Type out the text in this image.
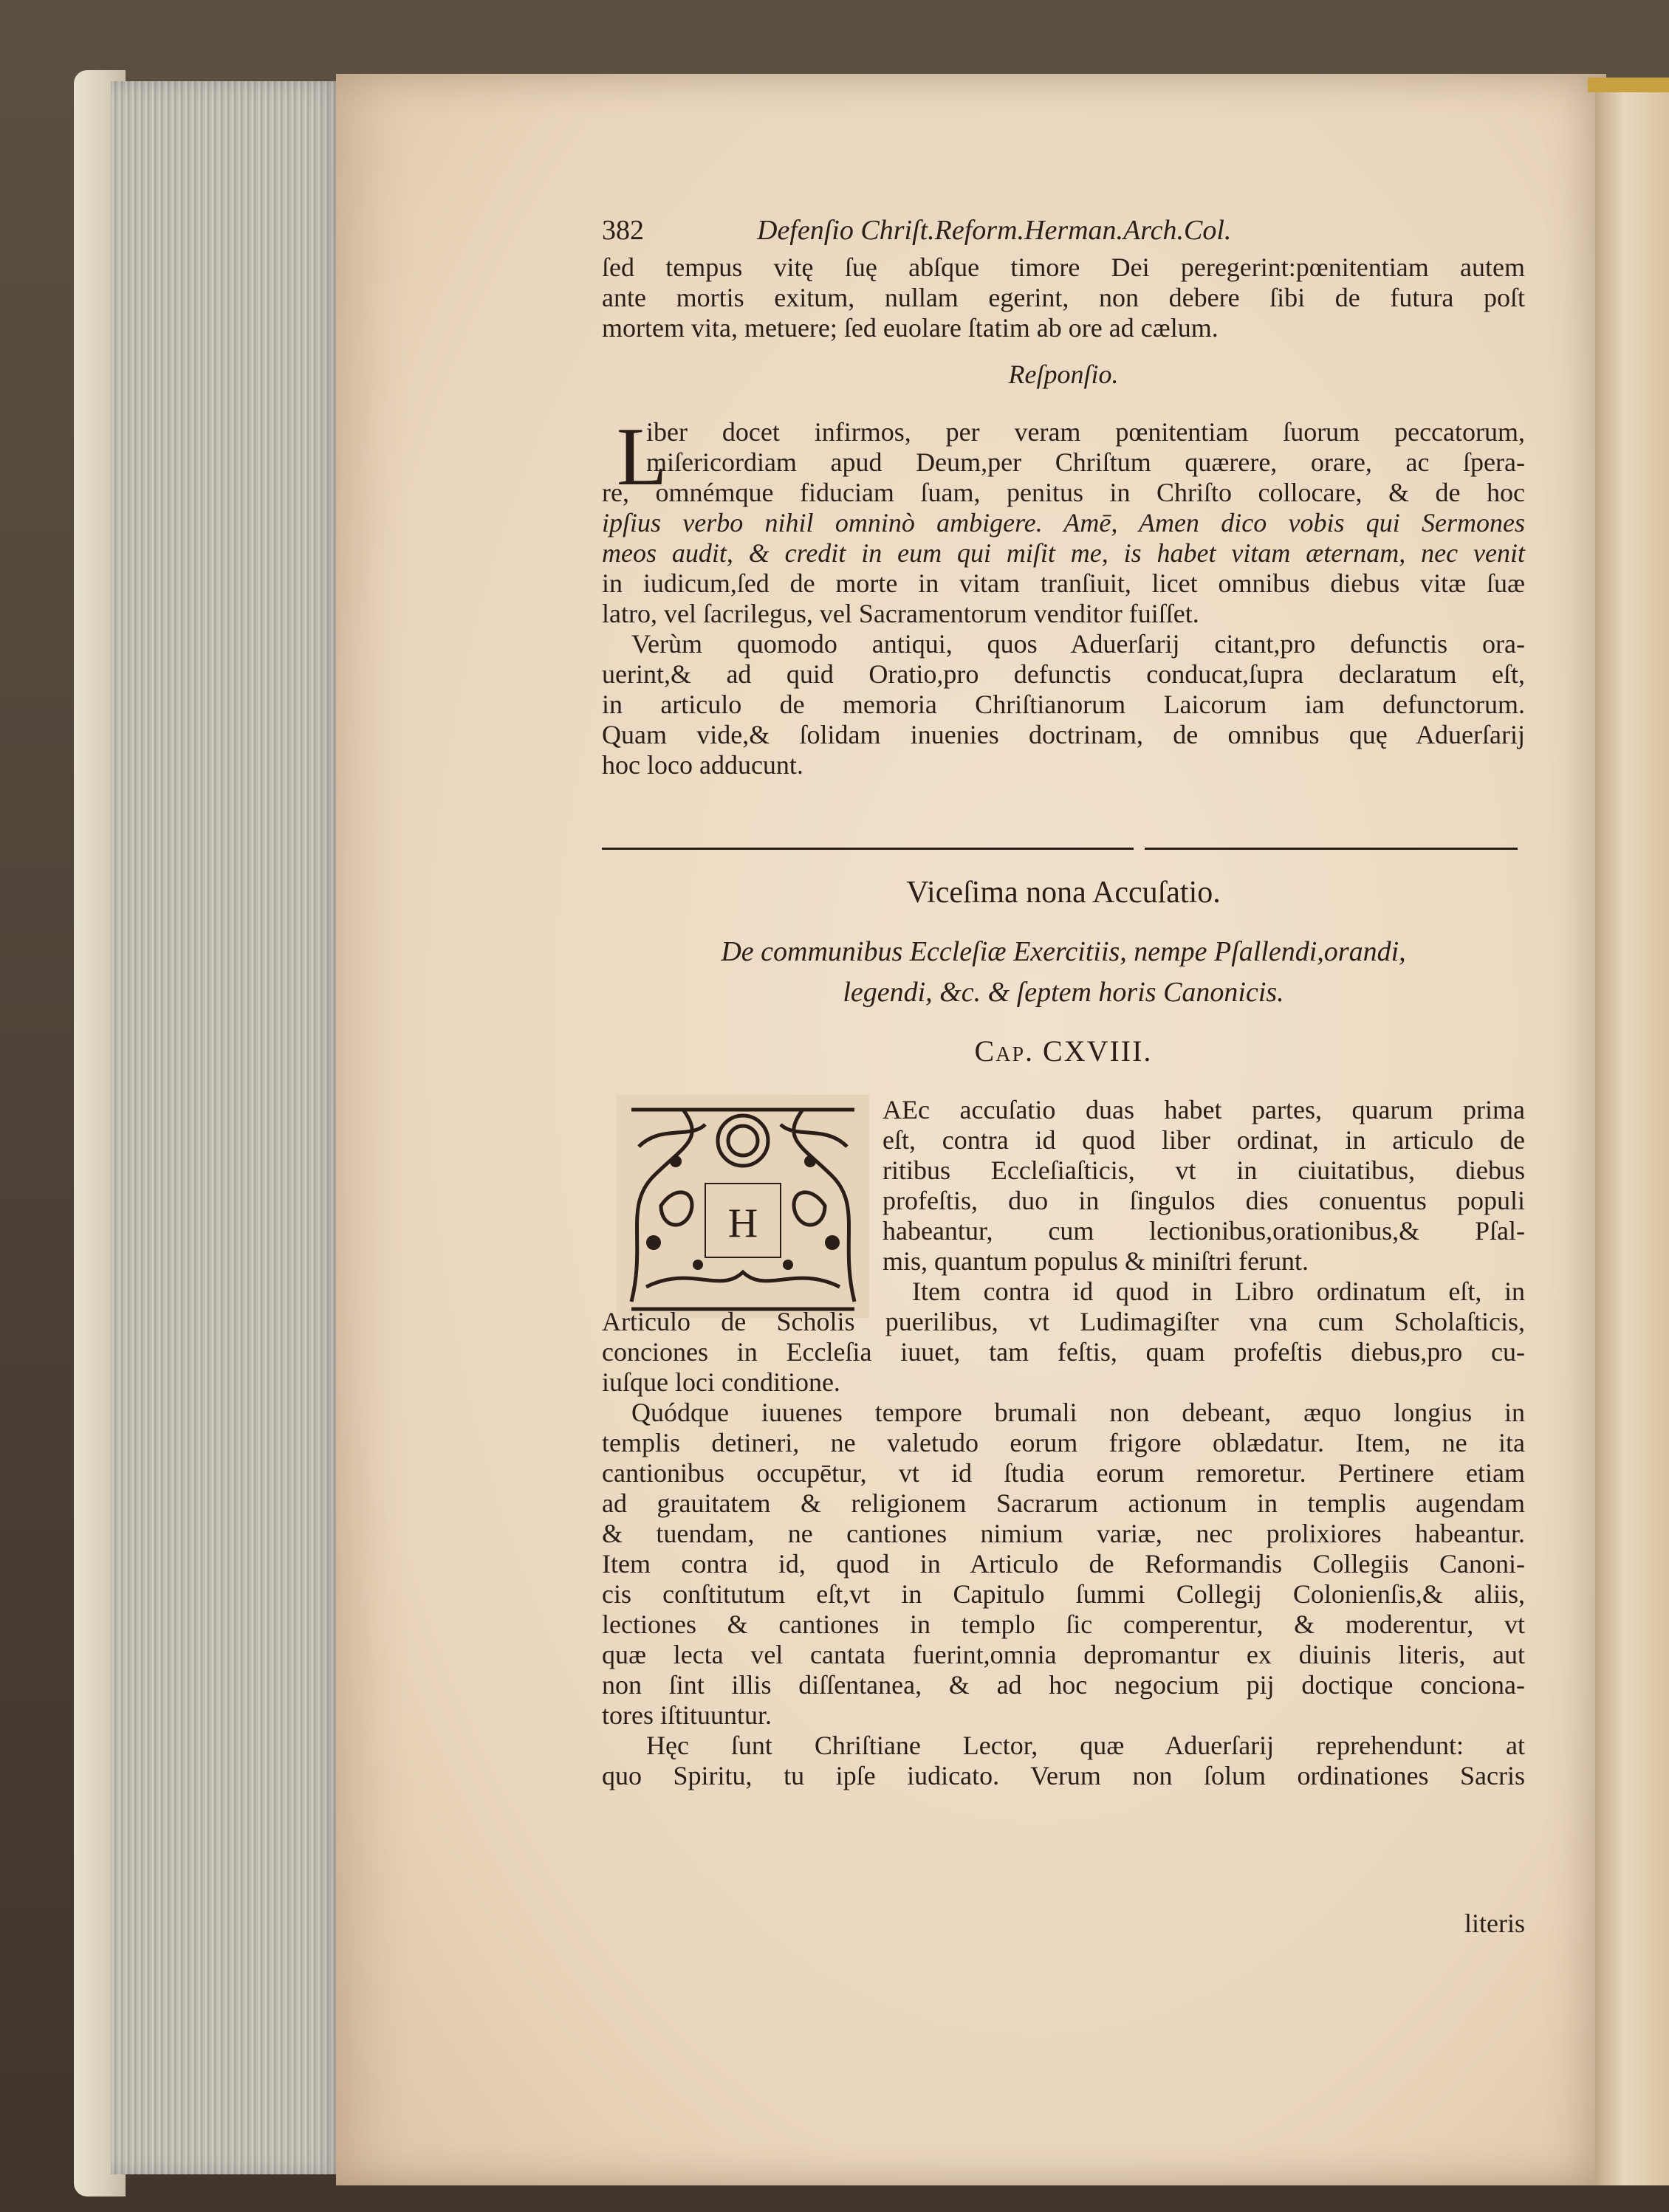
382	Defenſio Chriſt.Reform.Herman.Arch.Col.
ſed tempus vitę ſuę abſque timore Dei peregerint:pœnitentiam autem
ante mortis exitum, nullam egerint, non debere ſibi de futura poſt
mortem vita, metuere; ſed euolare ſtatim ab ore ad cælum.
Reſponſio.
L
iber docet infirmos, per veram pœnitentiam ſuorum peccatorum,
miſericordiam apud Deum,per Chriſtum quærere, orare, ac ſpera-
re, omnémque fiduciam ſuam, penitus in Chriſto collocare, & de hoc
ipſius verbo nihil omninò ambigere. Amē, Amen dico vobis qui Sermones
meos audit, & credit in eum qui miſit me, is habet vitam æternam, nec venit
in iudicum,ſed de morte in vitam tranſiuit, licet omnibus diebus vitæ ſuæ
latro, vel ſacrilegus, vel Sacramentorum venditor fuiſſet.
Verùm quomodo antiqui, quos Aduerſarij citant,pro defunctis ora-
uerint,& ad quid Oratio,pro defunctis conducat,ſupra declaratum eſt,
in articulo de memoria Chriſtianorum Laicorum iam defunctorum.
Quam vide,& ſolidam inuenies doctrinam, de omnibus quę Aduerſarij
hoc loco adducunt.
Viceſima nona Accuſatio.
De communibus Eccleſiæ Exercitiis, nempe Pſallendi,orandi,
legendi, &c. & ſeptem horis Canonicis.
Cap. CXVIII.
H
AEc accuſatio duas habet partes, quarum prima
eſt, contra id quod liber ordinat, in articulo de
ritibus Eccleſiaſticis, vt in ciuitatibus, diebus
profeſtis, duo in ſingulos dies conuentus populi
habeantur, cum lectionibus,orationibus,& Pſal-
mis, quantum populus & miniſtri ferunt.
Item contra id quod in Libro ordinatum eſt, in
Articulo de Scholis puerilibus, vt Ludimagiſter vna cum Scholaſticis,
conciones in Eccleſia iuuet, tam feſtis, quam profeſtis diebus,pro cu-
iuſque loci conditione.
Quódque iuuenes tempore brumali non debeant, æquo longius in
templis detineri, ne valetudo eorum frigore oblædatur. Item, ne ita
cantionibus occupētur, vt id ſtudia eorum remoretur. Pertinere etiam
ad grauitatem & religionem Sacrarum actionum in templis augendam
& tuendam, ne cantiones nimium variæ, nec prolixiores habeantur.
Item contra id, quod in Articulo de Reformandis Collegiis Canoni-
cis conſtitutum eſt,vt in Capitulo ſummi Collegij Colonienſis,& aliis,
lectiones & cantiones in templo ſic comperentur, & moderentur, vt
quæ lecta vel cantata fuerint,omnia depromantur ex diuinis literis, aut
non ſint illis diſſentanea, & ad hoc negocium pij doctique conciona-
tores iſtituuntur.
Hęc ſunt Chriſtiane Lector, quæ Aduerſarij reprehendunt: at
quo Spiritu, tu ipſe iudicato. Verum non ſolum ordinationes Sacris
literis
